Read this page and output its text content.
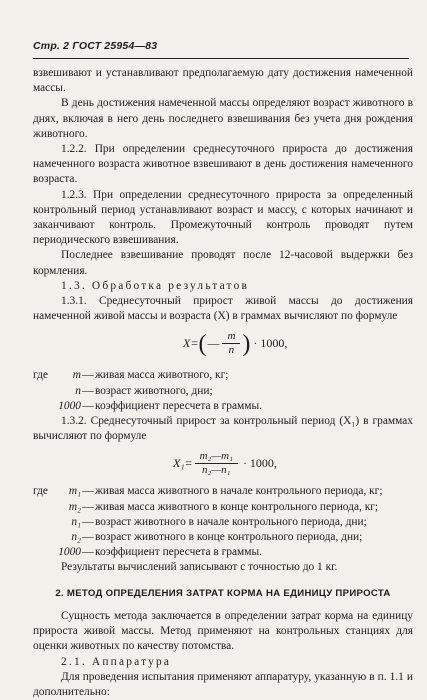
Стр. 2 ГОСТ 25954—83

взвешивают и устанавливают предполагаемую дату достижения намеченной массы.

В день достижения намеченной массы определяют возраст животного в днях, включая в него день последнего взвешивания без учета дня рождения животного.

1.2.2. При определении среднесуточного прироста до достижения намеченного возраста животное взвешивают в день достижения намеченного возраста.

1.2.3. При определении среднесуточного прироста за определенный контрольный период устанавливают возраст и массу, с которых начинают и заканчивают контроль. Промежуточный контроль проводят путем периодического взвешивания.

Последнее взвешивание проводят после 12-часовой выдержки без кормления.

1.3. Обработка результатов

1.3.1. Среднесуточный прирост живой массы до достижения намеченной живой массы и возраста (X) в граммах вычисляют по формуле

X= ( — $\frac{m}{n}$ ) · 1000,
где	m — живая масса животного, кг;
n — возраст животного, дни;
1000 — коэффициент пересчета в граммы.

1.3.2. Среднесуточный прирост за контрольный период (X₁) в граммах вычисляют по формуле

$X_1= \frac{\text{m₂—m₁}}{\text{n₂—n₁}} \cdot 1000$,
где	m₁ — живая масса животного в начале контрольного периода, кг;
m₂ — живая масса животного в конце контрольного периода, кг;
n₁ — возраст животного в начале контрольного периода, дни;
n₂ — возраст животного в конце контрольного периода, дни;
1000 — коэффициент пересчета в граммы.

Результаты вычислений записывают с точностью до 1 кг.

2. МЕТОД ОПРЕДЕЛЕНИЯ ЗАТРАТ КОРМА НА ЕДИНИЦУ ПРИРОСТА

Сущность метода заключается в определении затрат корма на единицу прироста живой массы. Метод применяют на контрольных станциях для оценки животных по качеству потомства.

2.1. Аппаратура

Для проведения испытания применяют аппаратуру, указанную в п. 1.1 и дополнительно:
